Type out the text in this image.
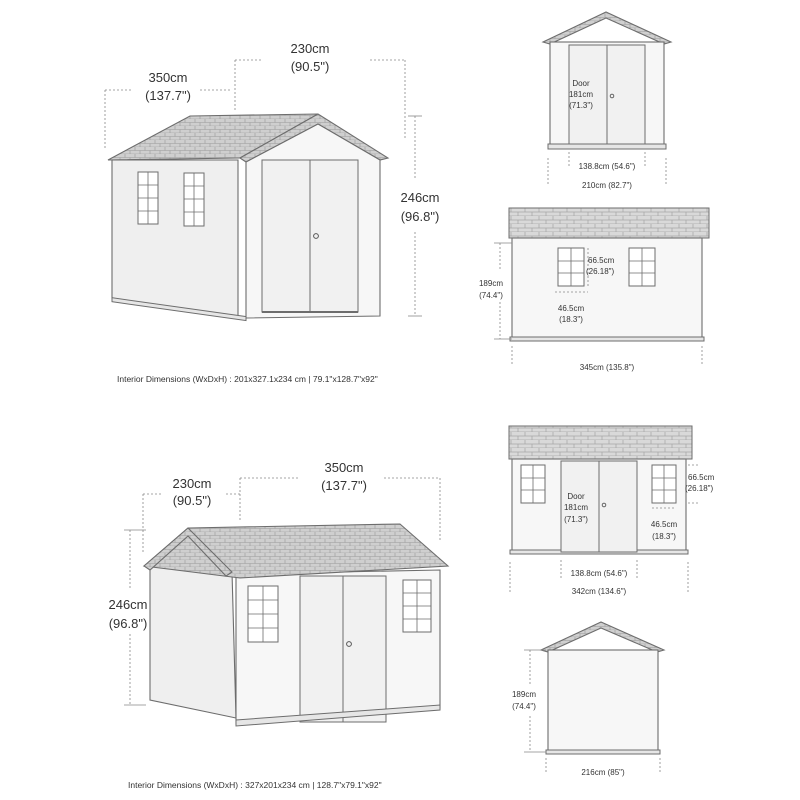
230cm
(90.5")
350cm
(137.7")
246cm
(96.8")
Interior Dimensions (WxDxH) : 201x327.1x234 cm | 79.1"x128.7"x92"
Door
181cm
(71.3")
138.8cm (54.6")
210cm (82.7")
189cm
(74.4")
66.5cm
(26.18")
46.5cm
(18.3")
345cm (135.8")
230cm
(90.5")
350cm
(137.7")
246cm
(96.8")
Interior Dimensions (WxDxH) : 327x201x234 cm | 128.7"x79.1"x92"
Door
181cm
(71.3")
66.5cm
(26.18")
46.5cm
(18.3")
138.8cm (54.6")
342cm (134.6")
189cm
(74.4")
216cm (85")
